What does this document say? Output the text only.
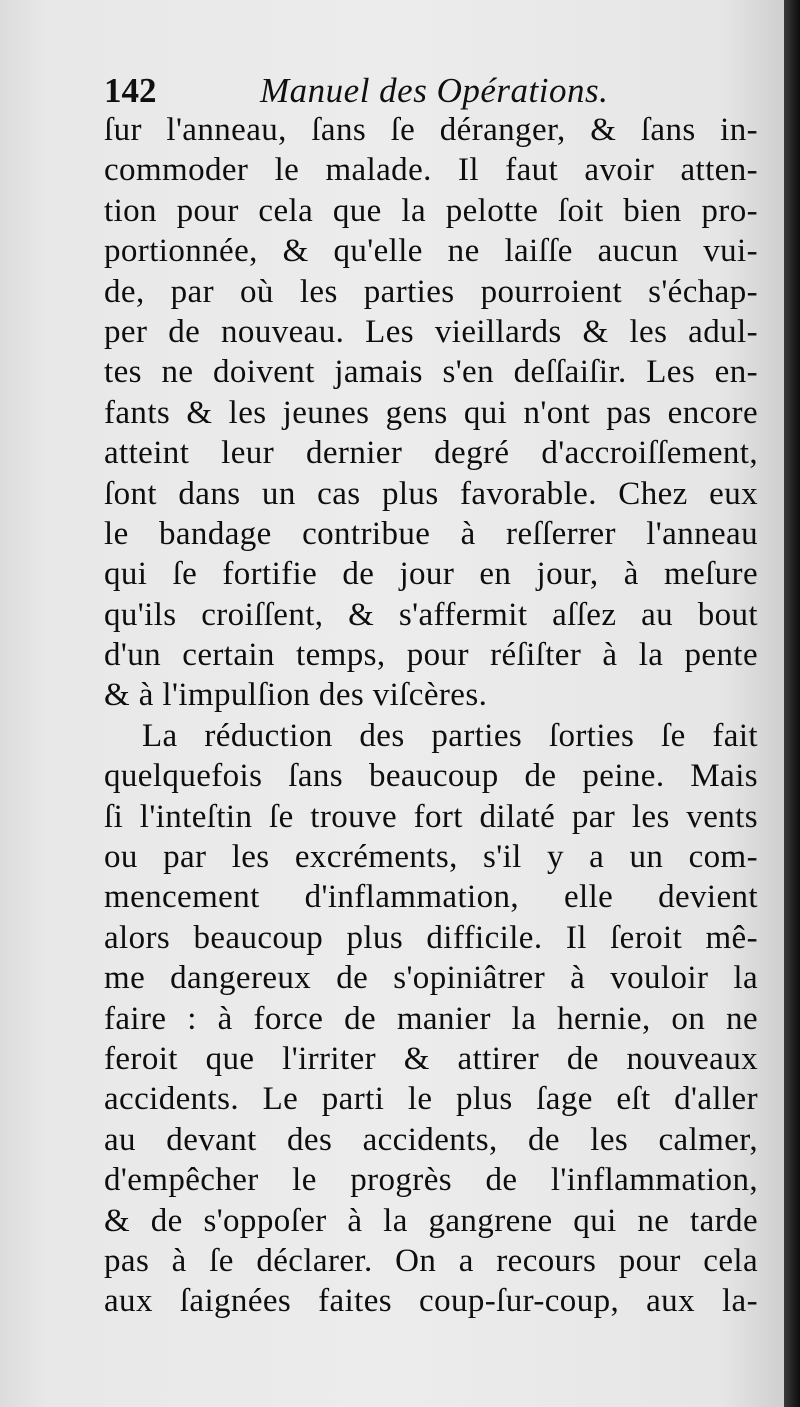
142	Manuel des Opérations.
ſur l'anneau, ſans ſe déranger, & ſans in-
commoder le malade. Il faut avoir atten-
tion pour cela que la pelotte ſoit bien pro-
portionnée, & qu'elle ne laiſſe aucun vui-
de, par où les parties pourroient s'échap-
per de nouveau. Les vieillards & les adul-
tes ne doivent jamais s'en deſſaiſir. Les en-
fants & les jeunes gens qui n'ont pas encore
atteint leur dernier degré d'accroiſſement,
ſont dans un cas plus favorable. Chez eux
le bandage contribue à reſſerrer l'anneau
qui ſe fortifie de jour en jour, à meſure
qu'ils croiſſent, & s'affermit aſſez au bout
d'un certain temps, pour réſiſter à la pente
& à l'impulſion des viſcères.
La réduction des parties ſorties ſe fait
quelquefois ſans beaucoup de peine. Mais
ſi l'inteſtin ſe trouve fort dilaté par les vents
ou par les excréments, s'il y a un com-
mencement d'inflammation, elle devient
alors beaucoup plus difficile. Il ſeroit mê-
me dangereux de s'opiniâtrer à vouloir la
faire : à force de manier la hernie, on ne
feroit que l'irriter & attirer de nouveaux
accidents. Le parti le plus ſage eſt d'aller
au devant des accidents, de les calmer,
d'empêcher le progrès de l'inflammation,
& de s'oppoſer à la gangrene qui ne tarde
pas à ſe déclarer. On a recours pour cela
aux ſaignées faites coup-ſur-coup, aux la-
